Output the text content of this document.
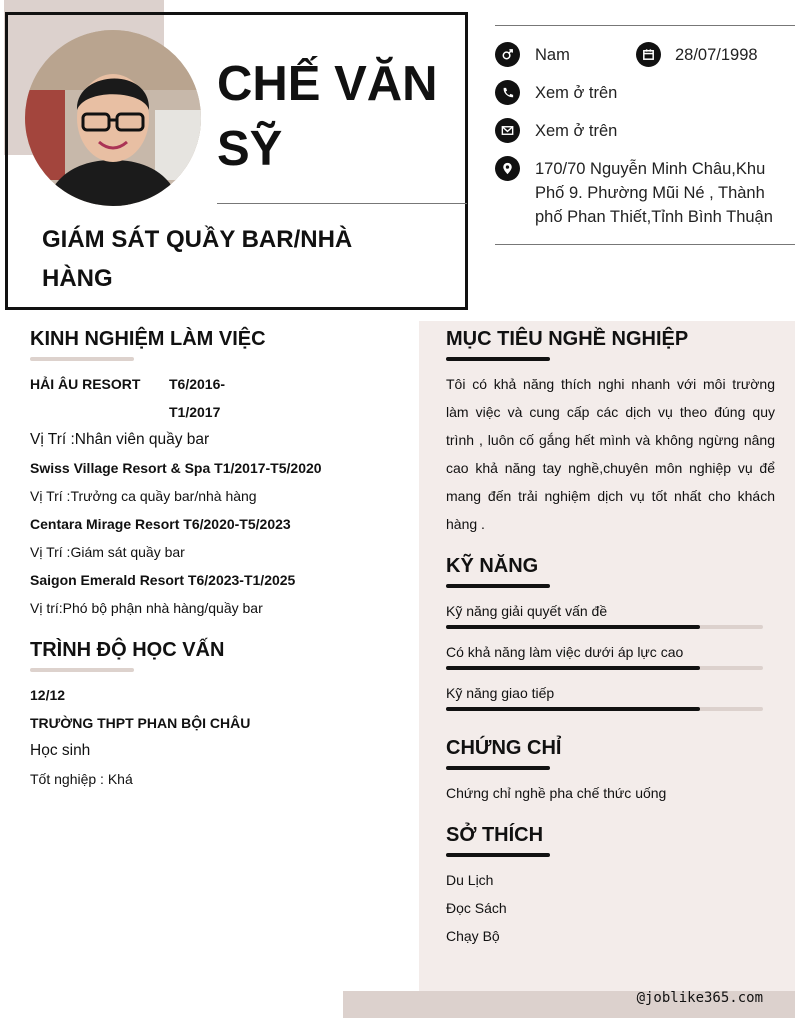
CHẾ VĂN SỸ
GIÁM SÁT QUẦY BAR/NHÀ HÀNG
Nam	28/07/1998
Xem ở trên
Xem ở trên
170/70 Nguyễn Minh Châu,Khu Phố 9. Phường Mũi Né , Thành phố Phan Thiết,Tỉnh Bình Thuận
KINH NGHIỆM LÀM VIỆC
HẢI ÂU RESORT T6/2016-
T1/2017
Vị Trí :Nhân viên quầy bar
Swiss Village Resort & Spa T1/2017-T5/2020
Vị Trí :Trưởng ca quầy bar/nhà hàng
Centara Mirage Resort T6/2020-T5/2023
Vị Trí :Giám sát quầy bar
Saigon Emerald Resort T6/2023-T1/2025
Vị trí:Phó bộ phận nhà hàng/quầy bar
TRÌNH ĐỘ HỌC VẤN
12/12
TRƯỜNG THPT PHAN BỘI CHÂU
Học sinh
Tốt nghiệp : Khá
MỤC TIÊU NGHỀ NGHIỆP
Tôi có khả năng thích nghi nhanh với môi trường làm việc và cung cấp các dịch vụ theo đúng quy trình , luôn cố gắng hết mình và không ngừng nâng cao khả năng tay nghề,chuyên môn nghiệp vụ để mang đến trải nghiệm dịch vụ tốt nhất cho khách hàng .
KỸ NĂNG
Kỹ năng giải quyết vấn đề
Có khả năng làm việc dưới áp lực cao
Kỹ năng giao tiếp
CHỨNG CHỈ
Chứng chỉ nghề pha chế thức uống
SỞ THÍCH
Du Lịch
Đọc Sách
Chạy Bộ
@joblike365.com
